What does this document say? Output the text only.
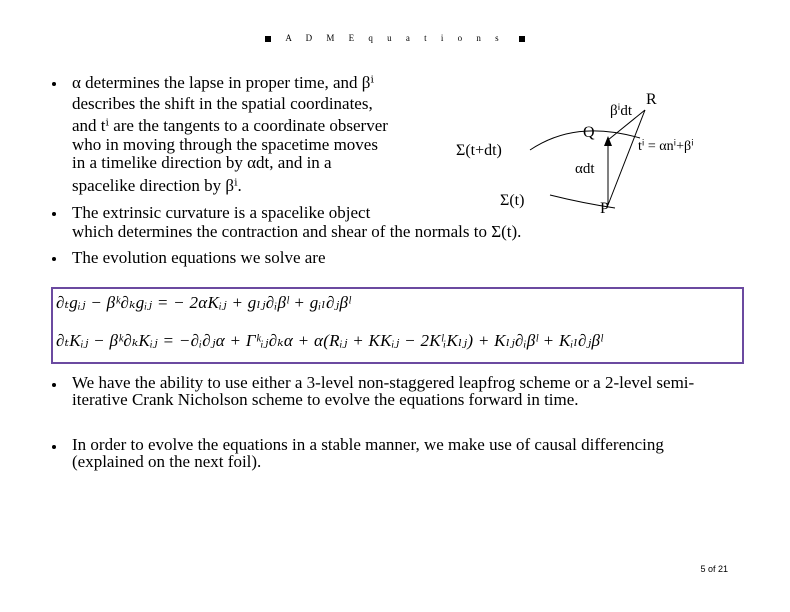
A D M E q u a t i o n s
α determines the lapse in proper time, and βⁱ
describes the shift in the spatial coordinates,
and tⁱ are the tangents to a coordinate observer
who in moving through the spacetime moves
in a timelike direction by αdt, and in a
spacelike direction by βⁱ.
The extrinsic curvature is a spacelike object
which determines the contraction and shear of the normals to Σ(t).
The evolution equations we solve are
Σ(t+dt)
Σ(t)
Q
R
P
βⁱdt
αdt
tⁱ = αnⁱ+βⁱ
∂ₜgᵢⱼ − βᵏ∂ₖgᵢⱼ = − 2αKᵢⱼ + gₗⱼ∂ᵢβˡ + gᵢₗ∂ⱼβˡ
∂ₜKᵢⱼ − βᵏ∂ₖKᵢⱼ = −∂ᵢ∂ⱼα + Γᵏᵢⱼ∂ₖα + α(Rᵢⱼ + KKᵢⱼ − 2KˡᵢKₗⱼ) + Kₗⱼ∂ᵢβˡ + Kᵢₗ∂ⱼβˡ
We have the ability to use either a 3-level non-staggered leapfrog scheme or a 2-level semi-iterative Crank Nicholson scheme to evolve the equations forward in time.
In order to evolve the equations in a stable manner, we make use of causal differencing (explained on the next foil).
5 of 21
